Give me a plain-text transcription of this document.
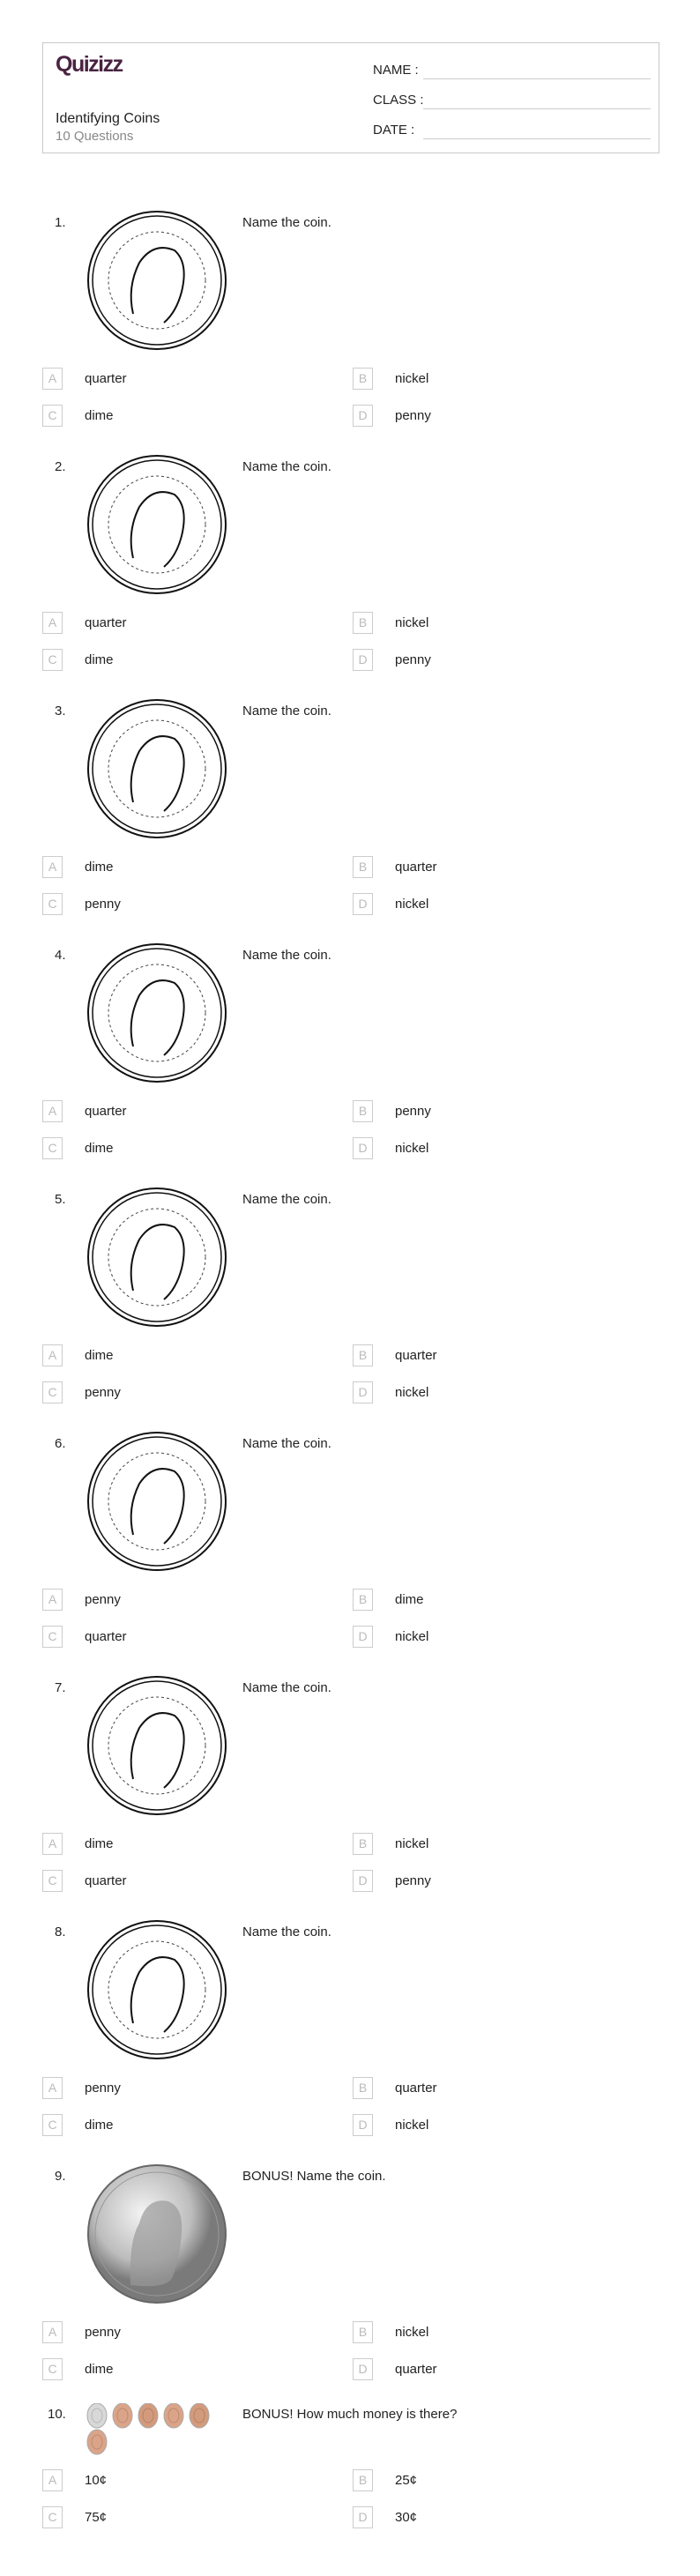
Quizizz
Identifying Coins
10 Questions
NAME :
CLASS :
DATE :
1.	Name the coin.
A	quarter	B	nickel
C	dime	D	penny
2.	Name the coin.
A	quarter	B	nickel
C	dime	D	penny
3.	Name the coin.
A	dime	B	quarter
C	penny	D	nickel
4.	Name the coin.
A	quarter	B	penny
C	dime	D	nickel
5.	Name the coin.
A	dime	B	quarter
C	penny	D	nickel
6.	Name the coin.
A	penny	B	dime
C	quarter	D	nickel
7.	Name the coin.
A	dime	B	nickel
C	quarter	D	penny
8.	Name the coin.
A	penny	B	quarter
C	dime	D	nickel
9.	BONUS! Name the coin.
A	penny	B	nickel
C	dime	D	quarter
10.	BONUS! How much money is there?
A	10¢	B	25¢
C	75¢	D	30¢
